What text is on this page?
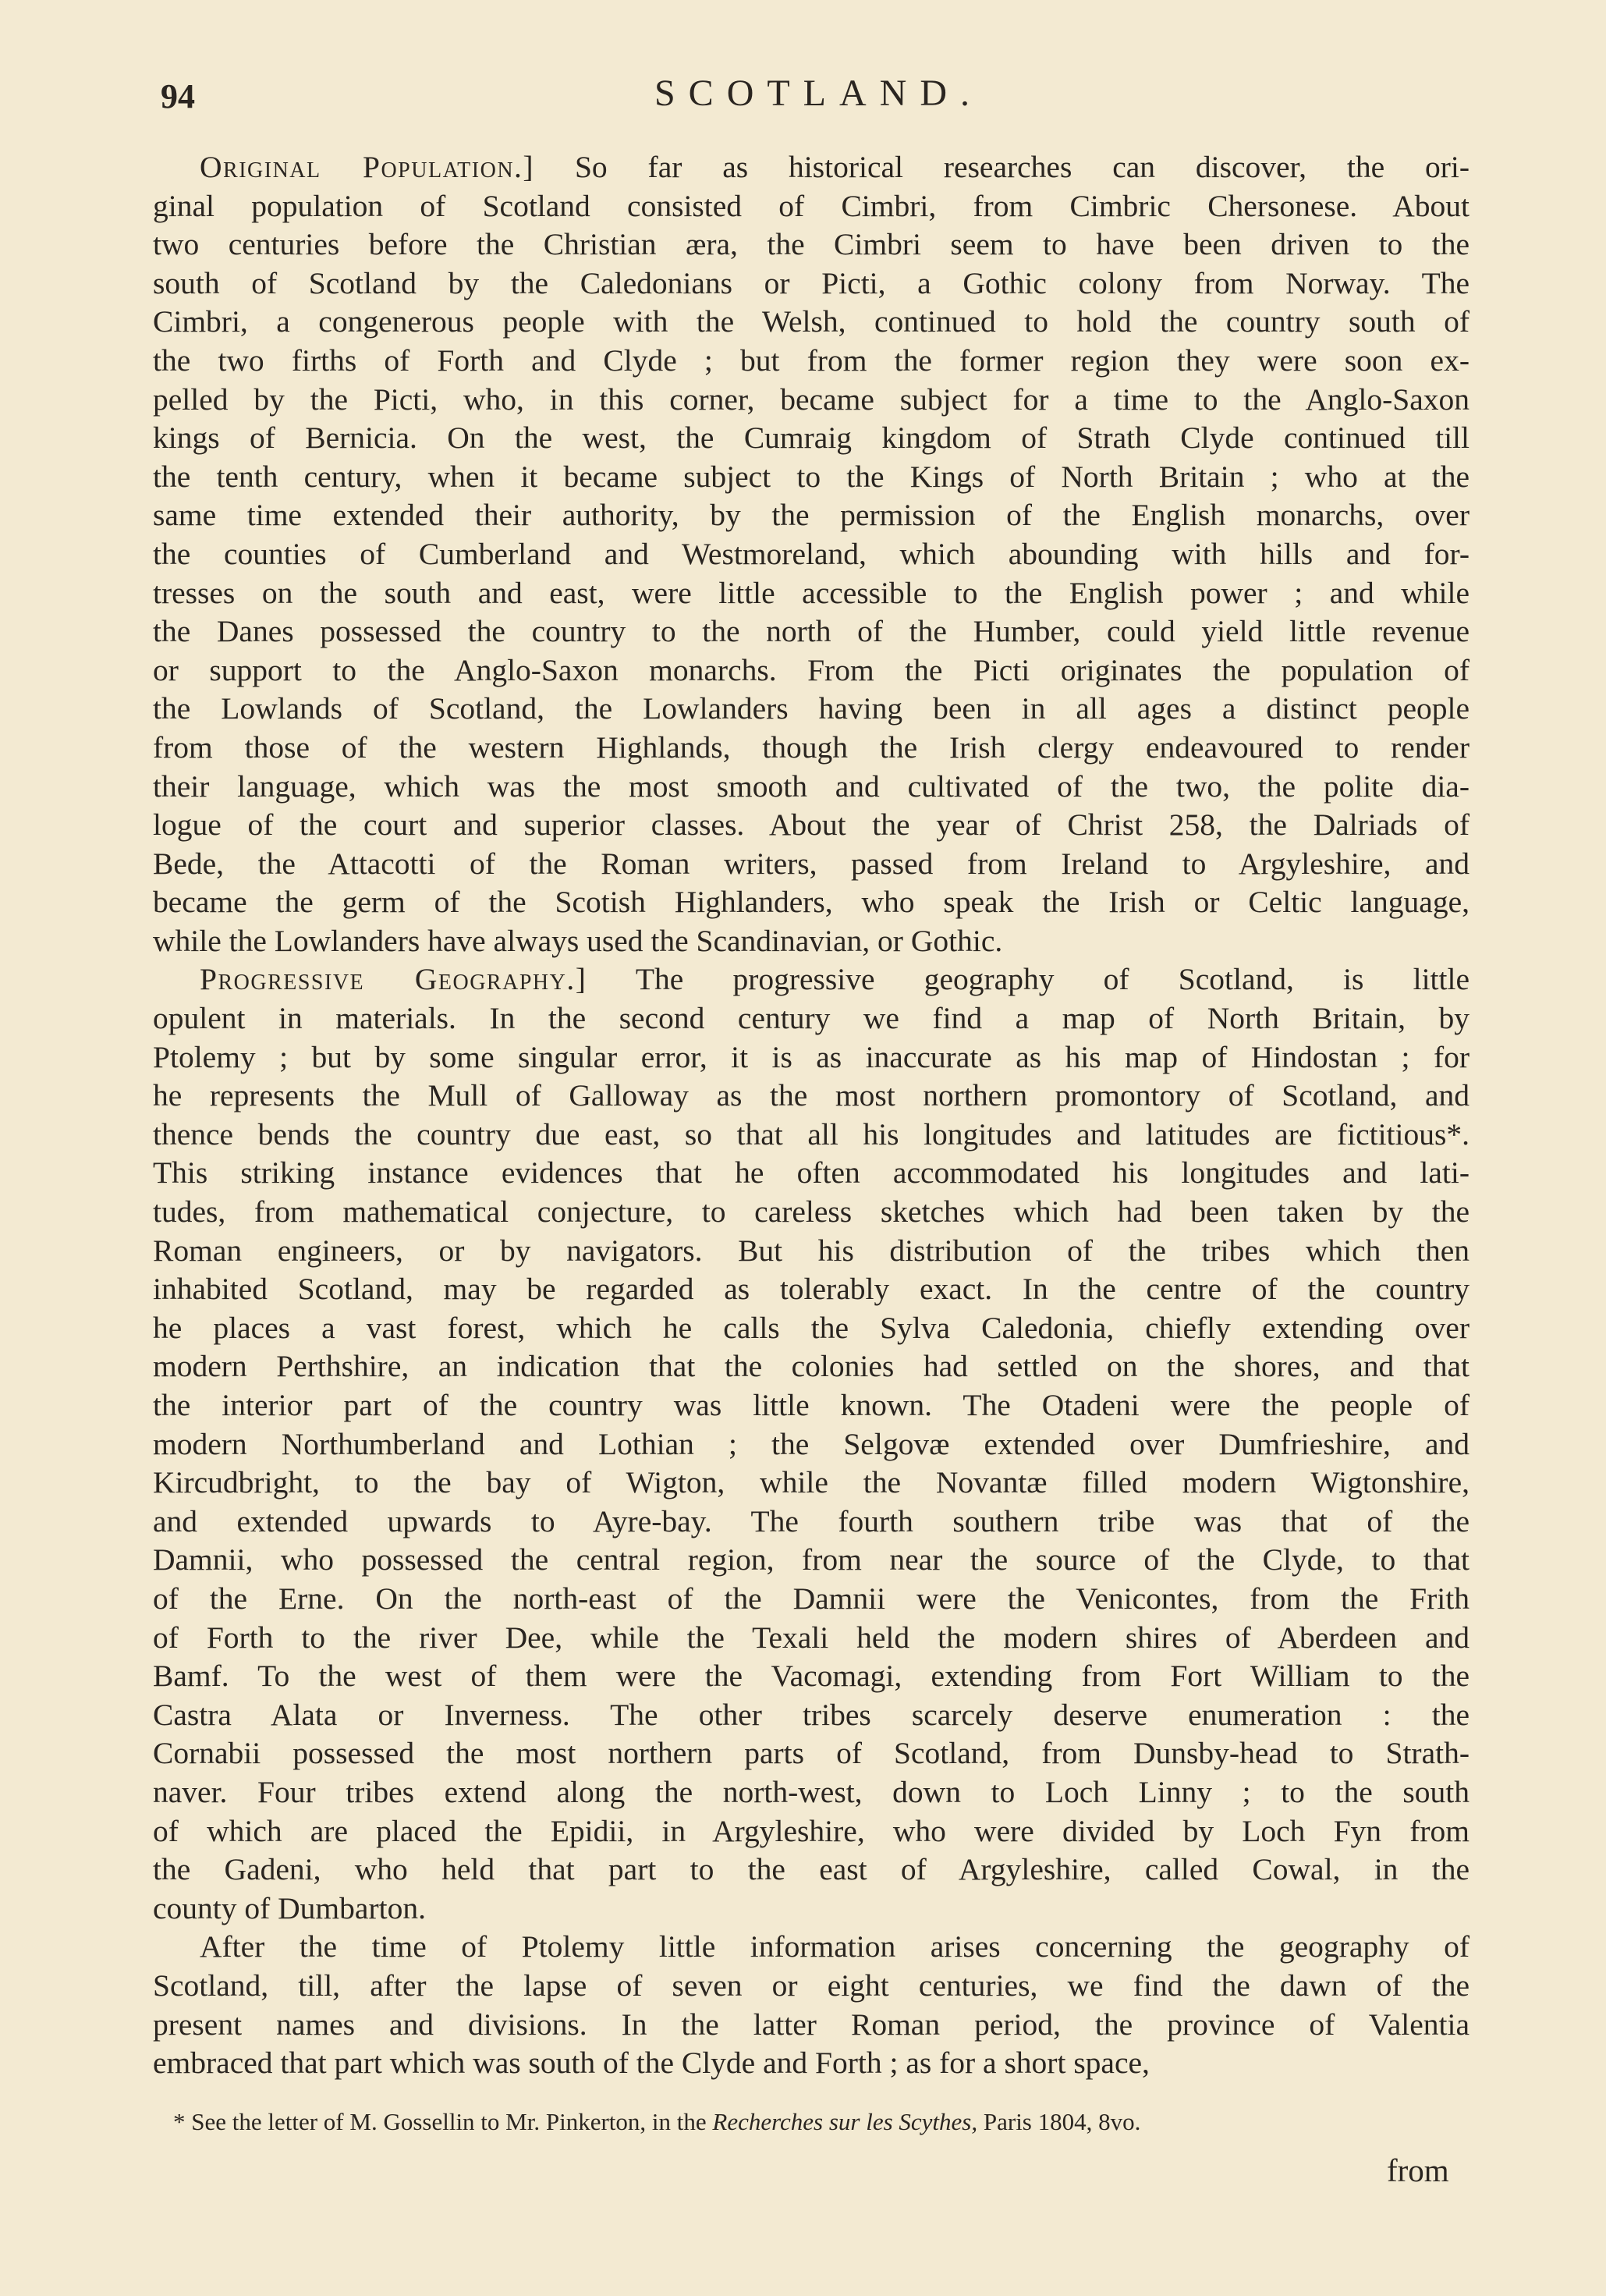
94	SCOTLAND.
Original Population.] So far as historical researches can discover, the ori-
ginal population of Scotland consisted of Cimbri, from Cimbric Chersonese. About
two centuries before the Christian æra, the Cimbri seem to have been driven to the
south of Scotland by the Caledonians or Picti, a Gothic colony from Norway. The
Cimbri, a congenerous people with the Welsh, continued to hold the country south of
the two firths of Forth and Clyde ; but from the former region they were soon ex-
pelled by the Picti, who, in this corner, became subject for a time to the Anglo-Saxon
kings of Bernicia. On the west, the Cumraig kingdom of Strath Clyde continued till
the tenth century, when it became subject to the Kings of North Britain ; who at the
same time extended their authority, by the permission of the English monarchs, over
the counties of Cumberland and Westmoreland, which abounding with hills and for-
tresses on the south and east, were little accessible to the English power ; and while
the Danes possessed the country to the north of the Humber, could yield little revenue
or support to the Anglo-Saxon monarchs. From the Picti originates the population of
the Lowlands of Scotland, the Lowlanders having been in all ages a distinct people
from those of the western Highlands, though the Irish clergy endeavoured to render
their language, which was the most smooth and cultivated of the two, the polite dia-
logue of the court and superior classes. About the year of Christ 258, the Dalriads of
Bede, the Attacotti of the Roman writers, passed from Ireland to Argyleshire, and
became the germ of the Scotish Highlanders, who speak the Irish or Celtic language,
while the Lowlanders have always used the Scandinavian, or Gothic.
Progressive Geography.] The progressive geography of Scotland, is little
opulent in materials. In the second century we find a map of North Britain, by
Ptolemy ; but by some singular error, it is as inaccurate as his map of Hindostan ; for
he represents the Mull of Galloway as the most northern promontory of Scotland, and
thence bends the country due east, so that all his longitudes and latitudes are fictitious*.
This striking instance evidences that he often accommodated his longitudes and lati-
tudes, from mathematical conjecture, to careless sketches which had been taken by the
Roman engineers, or by navigators. But his distribution of the tribes which then
inhabited Scotland, may be regarded as tolerably exact. In the centre of the country
he places a vast forest, which he calls the Sylva Caledonia, chiefly extending over
modern Perthshire, an indication that the colonies had settled on the shores, and that
the interior part of the country was little known. The Otadeni were the people of
modern Northumberland and Lothian ; the Selgovæ extended over Dumfrieshire, and
Kircudbright, to the bay of Wigton, while the Novantæ filled modern Wigtonshire,
and extended upwards to Ayre-bay. The fourth southern tribe was that of the
Damnii, who possessed the central region, from near the source of the Clyde, to that
of the Erne. On the north-east of the Damnii were the Venicontes, from the Frith
of Forth to the river Dee, while the Texali held the modern shires of Aberdeen and
Bamf. To the west of them were the Vacomagi, extending from Fort William to the
Castra Alata or Inverness. The other tribes scarcely deserve enumeration : the
Cornabii possessed the most northern parts of Scotland, from Dunsby-head to Strath-
naver. Four tribes extend along the north-west, down to Loch Linny ; to the south
of which are placed the Epidii, in Argyleshire, who were divided by Loch Fyn from
the Gadeni, who held that part to the east of Argyleshire, called Cowal, in the
county of Dumbarton.
After the time of Ptolemy little information arises concerning the geography of
Scotland, till, after the lapse of seven or eight centuries, we find the dawn of the
present names and divisions. In the latter Roman period, the province of Valentia
embraced that part which was south of the Clyde and Forth ; as for a short space,
* See the letter of M. Gossellin to Mr. Pinkerton, in the Recherches sur les Scythes, Paris 1804, 8vo.
from
